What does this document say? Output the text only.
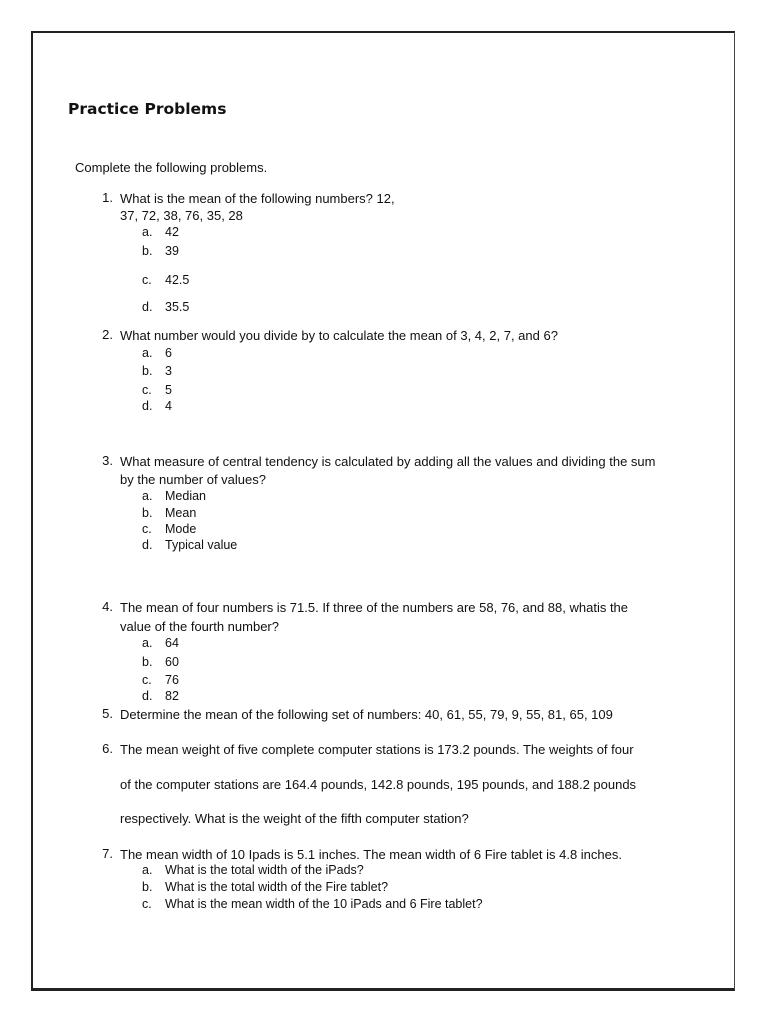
Practice Problems
Complete the following problems.
1. What is the mean of the following numbers? 12,
37, 72, 38, 76, 35, 28
a. 42
b. 39
c.	42.5
d. 35.5
2. What number would you divide by to calculate the mean of 3, 4, 2, 7, and 6?
a. 6
b. 3
c.	5
d. 4
3. What measure of central tendency is calculated by adding all the values and dividing the sum
by the number of values?
a. Median
b. Mean
c.	Mode
d. Typical value
4. The mean of four numbers is 71.5. If three of the numbers are 58, 76, and 88, whatis the
value of the fourth number?
a. 64
b. 60
c.	76
d. 82
5. Determine the mean of the following set of numbers: 40, 61, 55, 79, 9, 55, 81, 65, 109
6. The mean weight of five complete computer stations is 173.2 pounds. The weights of four
of the computer stations are 164.4 pounds, 142.8 pounds, 195 pounds, and 188.2 pounds
respectively. What is the weight of the fifth computer station?
7. The mean width of 10 Ipads is 5.1 inches. The mean width of 6 Fire tablet is 4.8 inches.
a. What is the total width of the iPads?
b. What is the total width of the Fire tablet?
c.	What is the mean width of the 10 iPads and 6 Fire tablet?
